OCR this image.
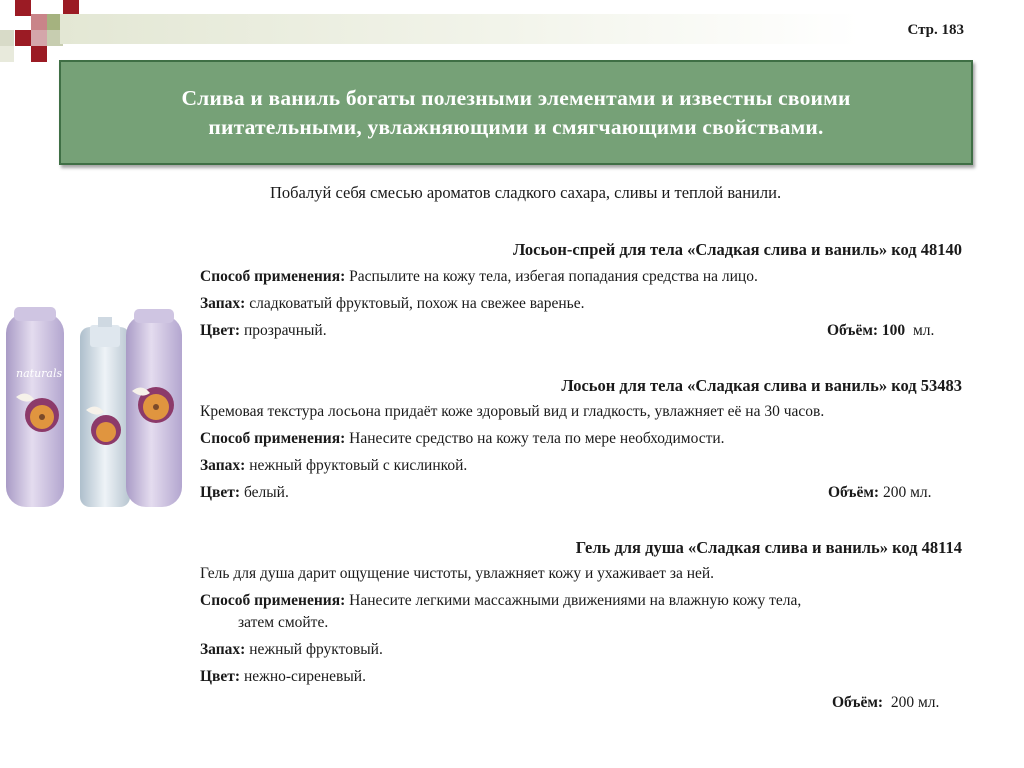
Стр. 183
Слива и ваниль богаты полезными элементами и известны своими
питательными, увлажняющими и смягчающими свойствами.
Побалуй себя смесью ароматов сладкого сахара, сливы и теплой ванили.
naturals
Лосьон-спрей для тела «Сладкая слива и ваниль» код 48140
Способ применения: Распылите на кожу тела, избегая попадания средства на лицо.
Запах: сладковатый фруктовый, похож на свежее варенье.
Цвет: прозрачный.	Объём: 100  мл.
Лосьон для тела «Сладкая слива и ваниль» код 53483
Кремовая текстура лосьона придаёт коже здоровый вид и гладкость, увлажняет её на 30 часов.
Способ применения: Нанесите средство на кожу тела по мере необходимости.
Запах: нежный фруктовый с кислинкой.
Цвет: белый.	Объём: 200 мл.
Гель для душа «Сладкая слива и ваниль» код 48114
Гель для душа дарит ощущение чистоты, увлажняет кожу и ухаживает за ней.
Способ применения: Нанесите легкими массажными движениями на влажную кожу тела,
затем смойте.
Запах: нежный фруктовый.
Цвет: нежно-сиреневый.
Объём:  200 мл.
